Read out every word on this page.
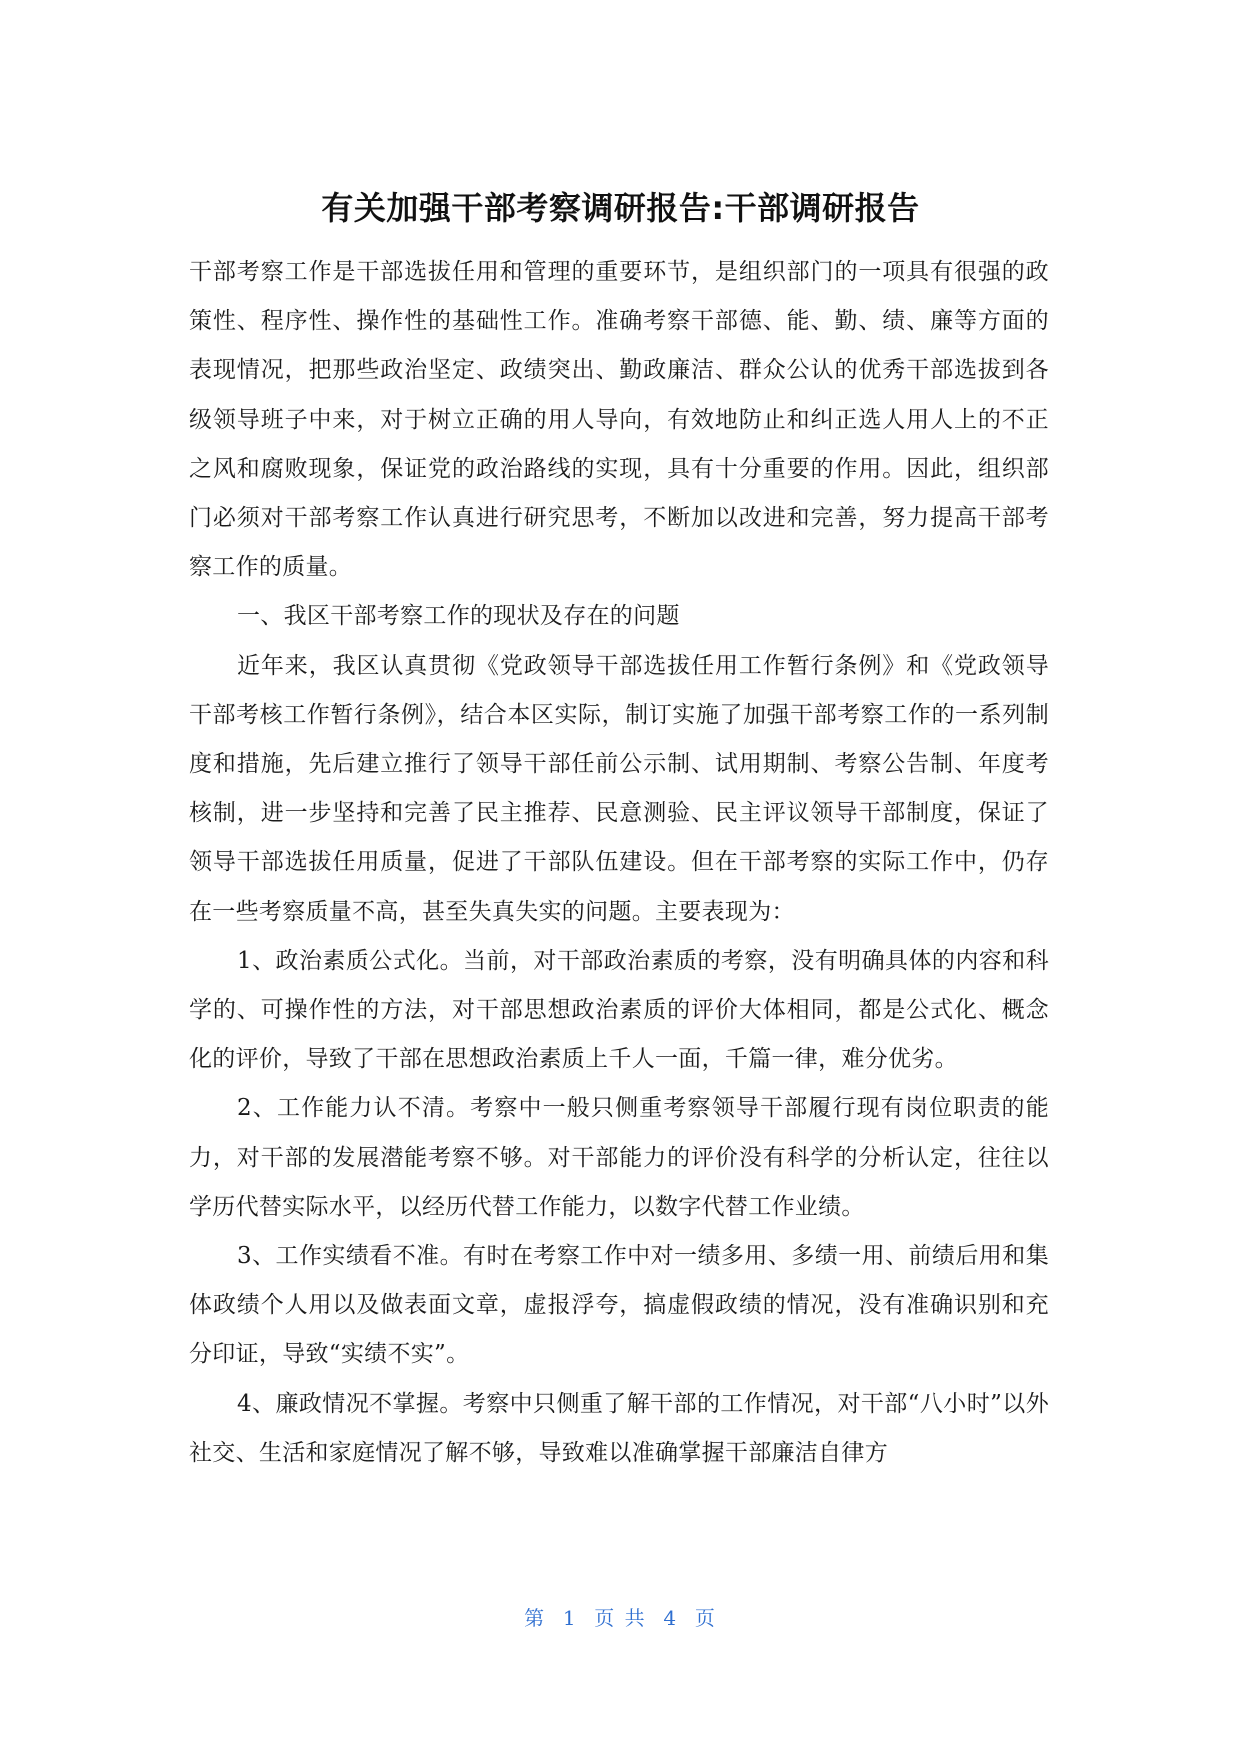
有关加强干部考察调研报告:干部调研报告

干部考察工作是干部选拔任用和管理的重要环节，是组织部门的一项具有很强的政策性、程序性、操作性的基础性工作。准确考察干部德、能、勤、绩、廉等方面的表现情况，把那些政治坚定、政绩突出、勤政廉洁、群众公认的优秀干部选拔到各级领导班子中来，对于树立正确的用人导向，有效地防止和纠正选人用人上的不正之风和腐败现象，保证党的政治路线的实现，具有十分重要的作用。因此，组织部门必须对干部考察工作认真进行研究思考，不断加以改进和完善，努力提高干部考察工作的质量。

一、我区干部考察工作的现状及存在的问题

近年来，我区认真贯彻《党政领导干部选拔任用工作暂行条例》和《党政领导干部考核工作暂行条例》，结合本区实际，制订实施了加强干部考察工作的一系列制度和措施，先后建立推行了领导干部任前公示制、试用期制、考察公告制、年度考核制，进一步坚持和完善了民主推荐、民意测验、民主评议领导干部制度，保证了领导干部选拔任用质量，促进了干部队伍建设。但在干部考察的实际工作中，仍存在一些考察质量不高，甚至失真失实的问题。主要表现为：

1、政治素质公式化。当前，对干部政治素质的考察，没有明确具体的内容和科学的、可操作性的方法，对干部思想政治素质的评价大体相同，都是公式化、概念化的评价，导致了干部在思想政治素质上千人一面，千篇一律，难分优劣。

2、工作能力认不清。考察中一般只侧重考察领导干部履行现有岗位职责的能力，对干部的发展潜能考察不够。对干部能力的评价没有科学的分析认定，往往以学历代替实际水平，以经历代替工作能力，以数字代替工作业绩。

3、工作实绩看不准。有时在考察工作中对一绩多用、多绩一用、前绩后用和集体政绩个人用以及做表面文章，虚报浮夸，搞虚假政绩的情况，没有准确识别和充分印证，导致“实绩不实”。

4、廉政情况不掌握。考察中只侧重了解干部的工作情况，对干部“八小时”以外社交、生活和家庭情况了解不够，导致难以准确掌握干部廉洁自律方

第  1  页 共  4  页
